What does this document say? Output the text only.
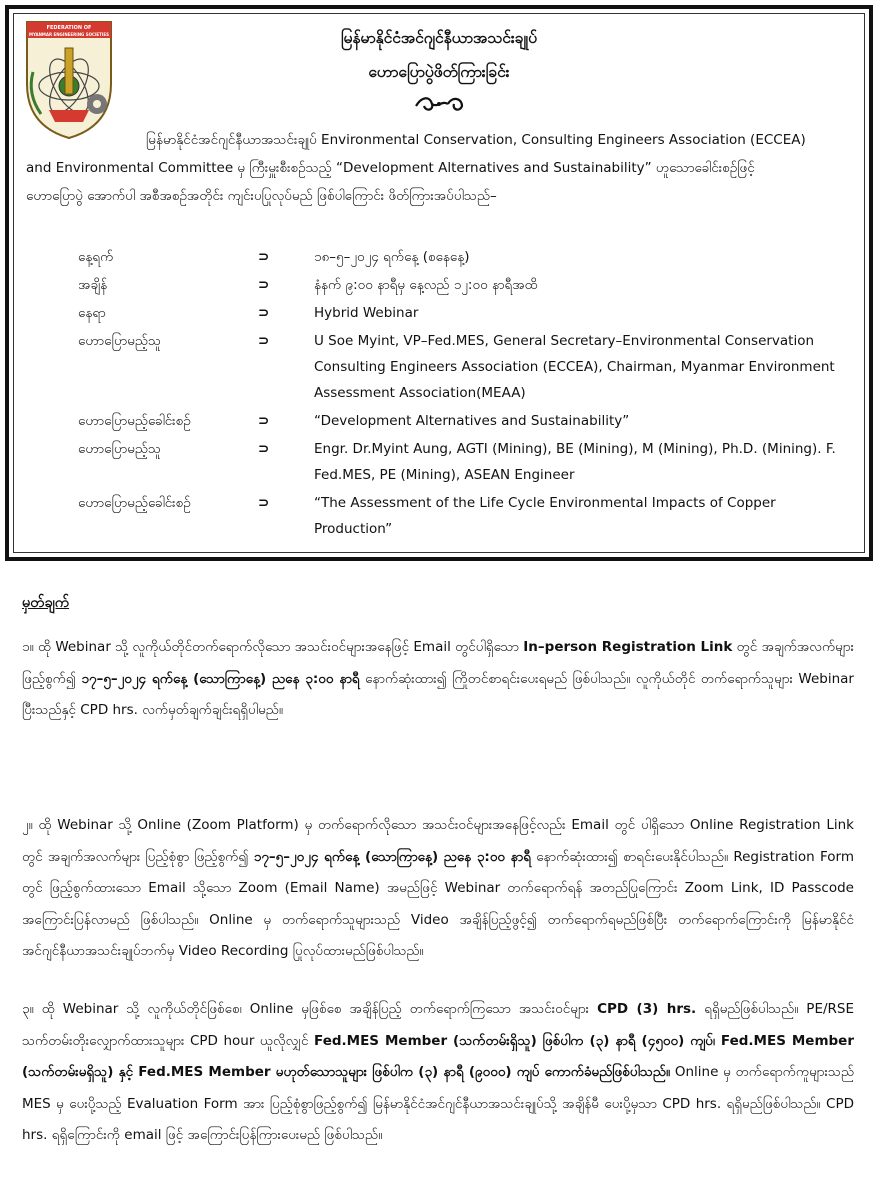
FEDERATION OF
MYANMAR ENGINEERING SOCIETIES	မြန်မာနိုင်ငံအင်ဂျင်နီယာအသင်းချုပ်
ဟောပြောပွဲဖိတ်ကြားခြင်း
မြန်မာနိုင်ငံအင်ဂျင်နီယာအသင်းချုပ် Environmental Conservation, Consulting Engineers Association (ECCEA)
and Environmental Committee မှ ကြီးမှူးစီးစဉ်သည့် “Development Alternatives and Sustainability” ဟူသောခေါင်းစဉ်ဖြင့်
ဟောပြောပွဲ အောက်ပါ အစီအစဉ်အတိုင်း ကျင်းပပြုလုပ်မည် ဖြစ်ပါကြောင်း ဖိတ်ကြားအပ်ပါသည်–
နေ့ရက်	⊃	၁၈–၅–၂၀၂၄ ရက်နေ့ (စနေနေ့)
အချိန်	⊃	နံနက် ၉:၀၀ နာရီမှ နေ့လည် ၁၂:၀၀ နာရီအထိ
နေရာ	⊃	Hybrid Webinar
ဟောပြောမည့်သူ	⊃	U Soe Myint, VP–Fed.MES, General Secretary–Environmental Conservation Consulting Engineers Association (ECCEA), Chairman, Myanmar Environment Assessment Association(MEAA)
ဟောပြောမည့်ခေါင်းစဉ်	⊃	“Development Alternatives and Sustainability”
ဟောပြောမည့်သူ	⊃	Engr. Dr.Myint Aung, AGTI (Mining), BE (Mining), M (Mining), Ph.D. (Mining). F. Fed.MES, PE (Mining), ASEAN Engineer
ဟောပြောမည့်ခေါင်းစဉ်	⊃	“The Assessment of the Life Cycle Environmental Impacts of Copper Production”
မှတ်ချက်
၁။ ထို Webinar သို့ လူကိုယ်တိုင်တက်ရောက်လိုသော အသင်းဝင်များအနေဖြင့် Email တွင်ပါရှိသော In–person Registration Link တွင် အချက်အလက်များ ဖြည့်စွက်၍ ၁၇–၅–၂၀၂၄ ရက်နေ့ (သောကြာနေ့) ညနေ ၃:၀၀ နာရီ နောက်ဆုံးထား၍ ကြိုတင်စာရင်းပေးရမည် ဖြစ်ပါသည်။ လူကိုယ်တိုင် တက်ရောက်သူများ Webinar ပြီးသည်နှင့် CPD hrs. လက်မှတ်ချက်ချင်းရရှိပါမည်။
၂။ ထို Webinar သို့ Online (Zoom Platform) မှ တက်ရောက်လိုသော အသင်းဝင်များအနေဖြင့်လည်း Email တွင် ပါရှိသော Online Registration Link တွင် အချက်အလက်များ ပြည့်စုံစွာ ဖြည့်စွက်၍ ၁၇–၅–၂၀၂၄ ရက်နေ့ (သောကြာနေ့) ညနေ ၃:၀၀ နာရီ နောက်ဆုံးထား၍ စာရင်းပေးနိုင်ပါသည်။ Registration Form တွင် ဖြည့်စွက်ထားသော Email သို့သော Zoom (Email Name) အမည်ဖြင့် Webinar တက်ရောက်ရန် အတည်ပြုကြောင်း Zoom Link, ID Passcode အကြောင်းပြန်လာမည် ဖြစ်ပါသည်။ Online မှ တက်ရောက်သူများသည် Video အချိန်ပြည့်ဖွင့်၍ တက်ရောက်ရမည်ဖြစ်ပြီး တက်ရောက်ကြောင်းကို မြန်မာနိုင်ငံအင်ဂျင်နီယာအသင်းချုပ်ဘက်မှ Video Recording ပြုလုပ်ထားမည်ဖြစ်ပါသည်။
၃။ ထို Webinar သို့ လူကိုယ်တိုင်ဖြစ်စေ၊ Online မှဖြစ်စေ အချိန်ပြည့် တက်ရောက်ကြသော အသင်းဝင်များ CPD (3) hrs. ရရှိမည်ဖြစ်ပါသည်။ PE/RSE သက်တမ်းတိုးလျှောက်ထားသူများ CPD hour ယူလိုလျှင် Fed.MES Member (သက်တမ်းရှိသူ) ဖြစ်ပါက (၃) နာရီ (၄၅၀၀) ကျပ်၊ Fed.MES Member (သက်တမ်းမရှိသူ) နှင့် Fed.MES Member မဟုတ်သောသူများ ဖြစ်ပါက (၃) နာရီ (၉၀၀၀) ကျပ် ကောက်ခံမည်ဖြစ်ပါသည်။ Online မှ တက်ရောက်ကူများသည် MES မှ ပေးပို့သည့် Evaluation Form အား ပြည့်စုံစွာဖြည့်စွက်၍ မြန်မာနိုင်ငံအင်ဂျင်နီယာအသင်းချုပ်သို့ အချိန်မီ ပေးပို့မှသာ CPD hrs. ရရှိမည်ဖြစ်ပါသည်။ CPD hrs. ရရှိကြောင်းကို email ဖြင့် အကြောင်းပြန်ကြားပေးမည် ဖြစ်ပါသည်။
